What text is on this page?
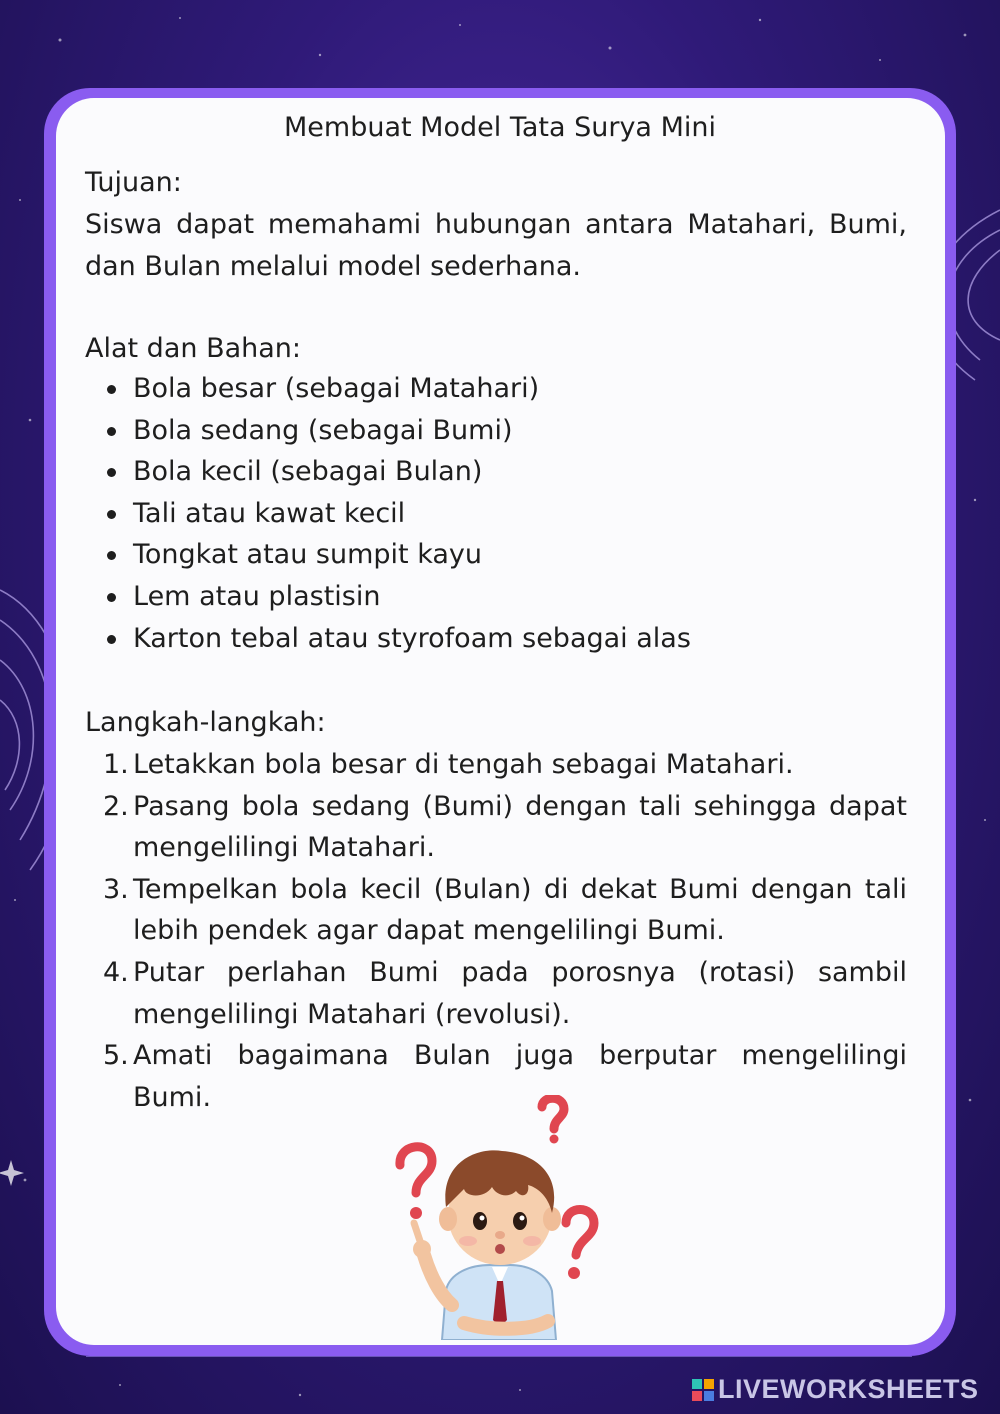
Membuat Model Tata Surya Mini
Tujuan:
Siswa dapat memahami hubungan antara Matahari, Bumi, dan Bulan melalui model sederhana.
Alat dan Bahan:
Bola besar (sebagai Matahari)
Bola sedang (sebagai Bumi)
Bola kecil (sebagai Bulan)
Tali atau kawat kecil
Tongkat atau sumpit kayu
Lem atau plastisin
Karton tebal atau styrofoam sebagai alas
Langkah-langkah:
1. Letakkan bola besar di tengah sebagai Matahari.
2. Pasang bola sedang (Bumi) dengan tali sehingga dapat mengelilingi Matahari.
3. Tempelkan bola kecil (Bulan) di dekat Bumi dengan tali lebih pendek agar dapat mengelilingi Bumi.
4. Putar perlahan Bumi pada porosnya (rotasi) sambil mengelilingi Matahari (revolusi).
5. Amati bagaimana Bulan juga berputar mengelilingi Bumi.
LIVEWORKSHEETS
